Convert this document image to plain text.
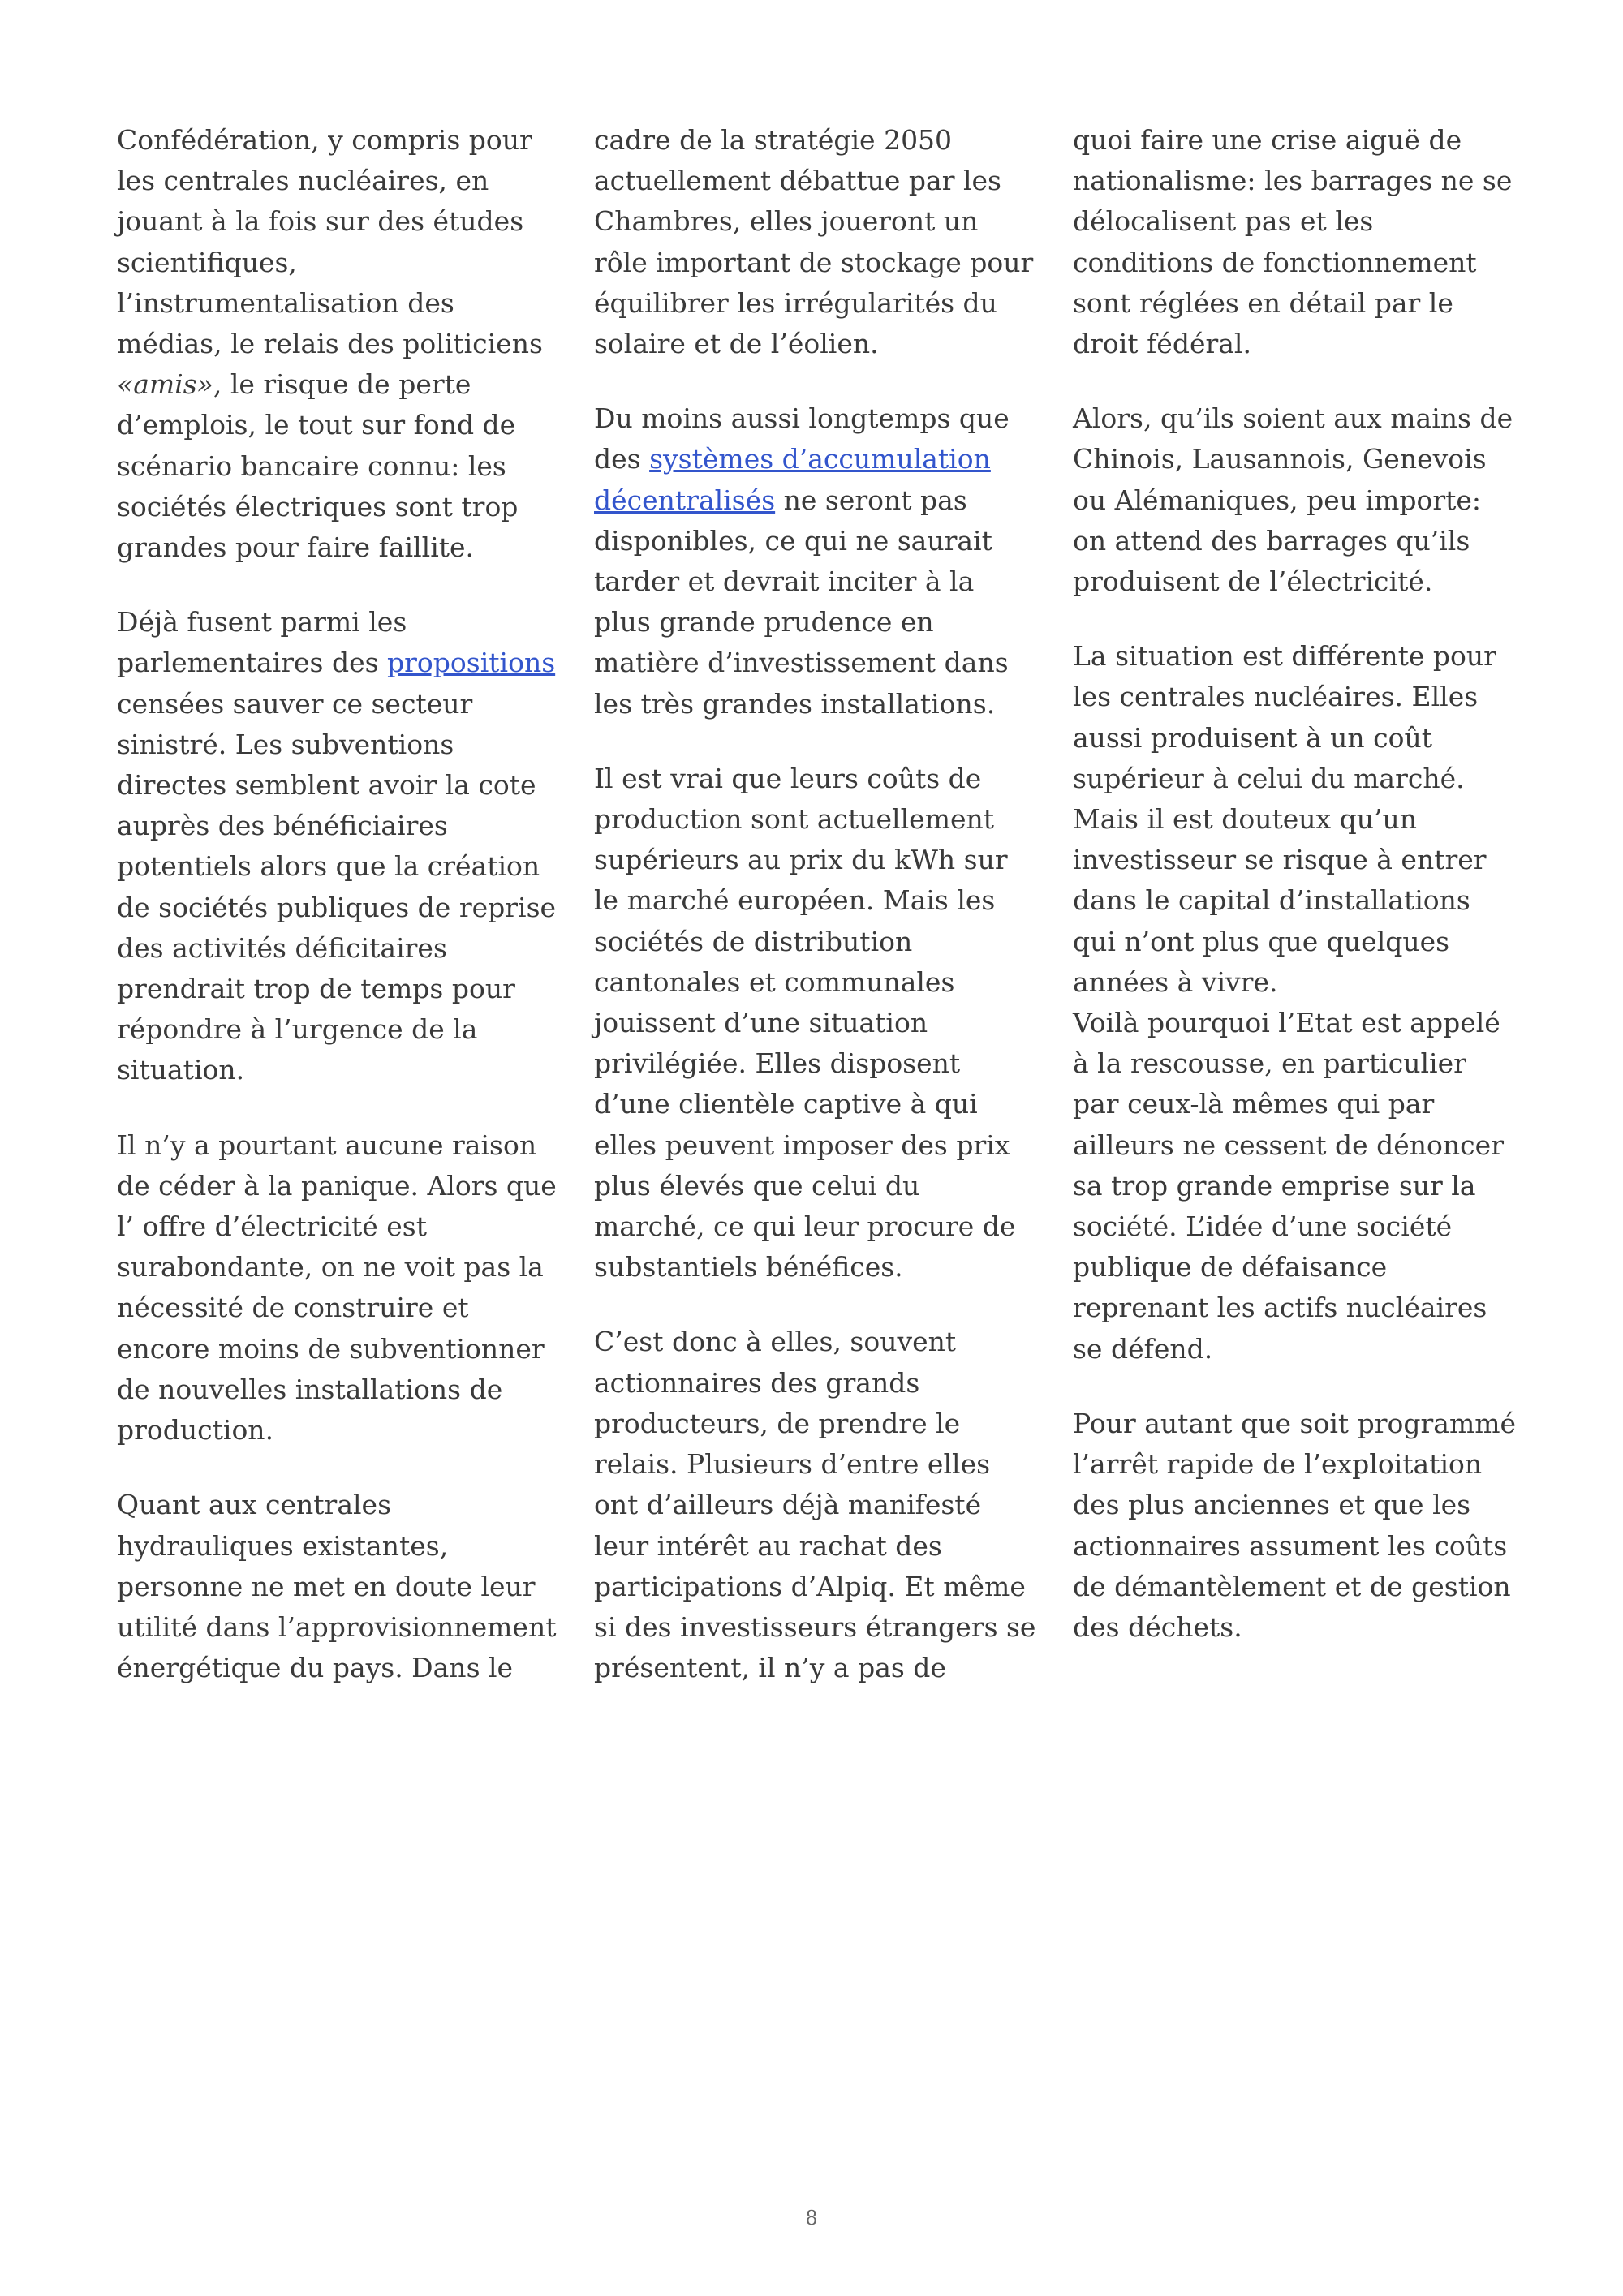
Confédération, y compris pour les centrales nucléaires, en jouant à la fois sur des études scientifiques, l’instrumentalisation des médias, le relais des politiciens «amis», le risque de perte d’emplois, le tout sur fond de scénario bancaire connu: les sociétés électriques sont trop grandes pour faire faillite.

Déjà fusent parmi les parlementaires des propositions censées sauver ce secteur sinistré. Les subventions directes semblent avoir la cote auprès des bénéficiaires potentiels alors que la création de sociétés publiques de reprise des activités déficitaires prendrait trop de temps pour répondre à l’urgence de la situation.

Il n’y a pourtant aucune raison de céder à la panique. Alors que l’ offre d’électricité est surabondante, on ne voit pas la nécessité de construire et encore moins de subventionner de nouvelles installations de production.

Quant aux centrales hydrauliques existantes, personne ne met en doute leur utilité dans l’approvisionnement énergétique du pays. Dans le

cadre de la stratégie 2050 actuellement débattue par les Chambres, elles joueront un rôle important de stockage pour équilibrer les irrégularités du solaire et de l’éolien.

Du moins aussi longtemps que des systèmes d’accumulation décentralisés ne seront pas disponibles, ce qui ne saurait tarder et devrait inciter à la plus grande prudence en matière d’investissement dans les très grandes installations.

Il est vrai que leurs coûts de production sont actuellement supérieurs au prix du kWh sur le marché européen. Mais les sociétés de distribution cantonales et communales jouissent d’une situation privilégiée. Elles disposent d’une clientèle captive à qui elles peuvent imposer des prix plus élevés que celui du marché, ce qui leur procure de substantiels bénéfices.

C’est donc à elles, souvent actionnaires des grands producteurs, de prendre le relais. Plusieurs d’entre elles ont d’ailleurs déjà manifesté leur intérêt au rachat des participations d’Alpiq. Et même si des investisseurs étrangers se présentent, il n’y a pas de

quoi faire une crise aiguë de nationalisme: les barrages ne se délocalisent pas et les conditions de fonctionnement sont réglées en détail par le droit fédéral.

Alors, qu’ils soient aux mains de Chinois, Lausannois, Genevois ou Alémaniques, peu importe: on attend des barrages qu’ils produisent de l’électricité.

La situation est différente pour les centrales nucléaires. Elles aussi produisent à un coût supérieur à celui du marché. Mais il est douteux qu’un investisseur se risque à entrer dans le capital d’installations qui n’ont plus que quelques années à vivre.

Voilà pourquoi l’Etat est appelé à la rescousse, en particulier par ceux-là mêmes qui par ailleurs ne cessent de dénoncer sa trop grande emprise sur la société. L’idée d’une société publique de défaisance reprenant les actifs nucléaires se défend.

Pour autant que soit programmé l’arrêt rapide de l’exploitation des plus anciennes et que les actionnaires assument les coûts de démantèlement et de gestion des déchets.

8
